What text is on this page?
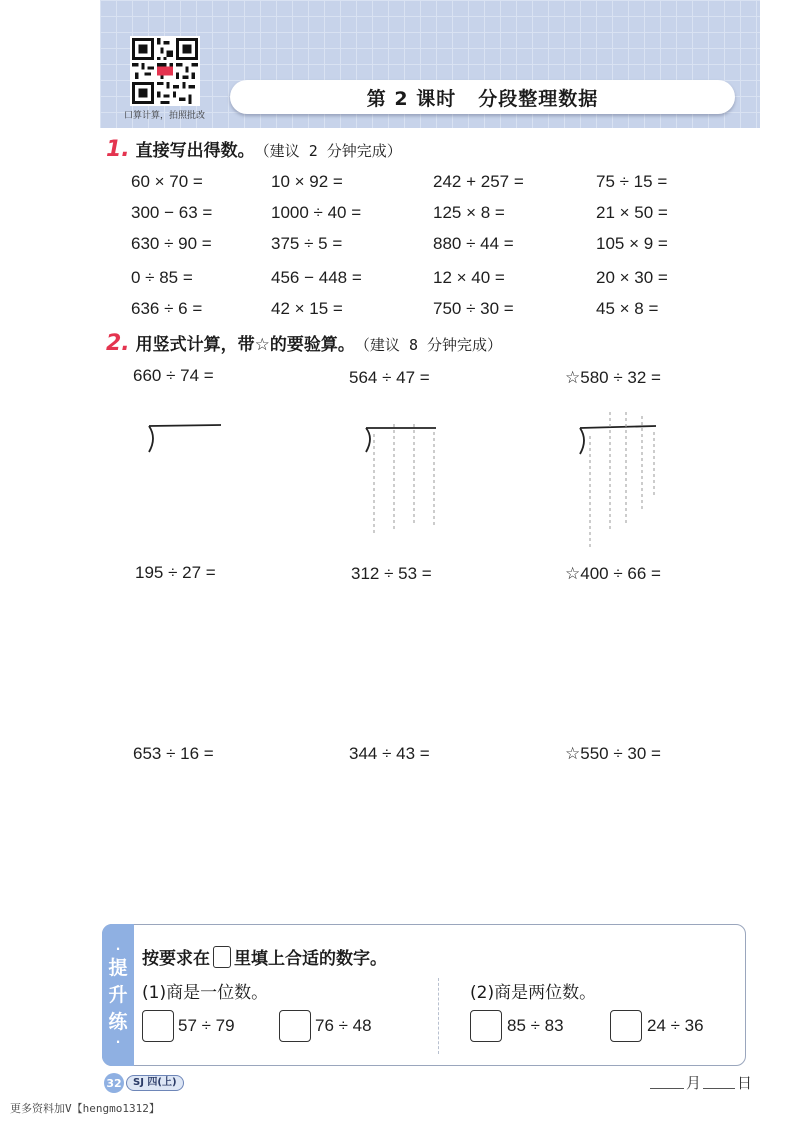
口算计算，拍照批改
第 2 课时 分段整理数据
1. 直接写出得数。 （建议 2 分钟完成）
60 × 70 =	10 × 92 =	242 + 257 =	75 ÷ 15 =
300 − 63 =	1000 ÷ 40 =	125 × 8 =	21 × 50 =
630 ÷ 90 =	375 ÷ 5 =	880 ÷ 44 =	105 × 9 =
0 ÷ 85 =	456 − 448 =	12 × 40 =	20 × 30 =
636 ÷ 6 =	42 × 15 =	750 ÷ 30 =	45 × 8 =
2. 用竖式计算，带☆的要验算。 （建议 8 分钟完成）
660 ÷ 74 =	564 ÷ 47 =	☆580 ÷ 32 =
195 ÷ 27 =	312 ÷ 53 =	☆400 ÷ 66 =
653 ÷ 16 =	344 ÷ 43 =	☆550 ÷ 30 =
·
提
升
练
·
按要求在 里填上合适的数字。
(1)商是一位数。	(2)商是两位数。
57 ÷ 79	76 ÷ 48	85 ÷ 83	24 ÷ 36
32	SJ 四(上)	月 日
更多资料加V【hengmo1312】
